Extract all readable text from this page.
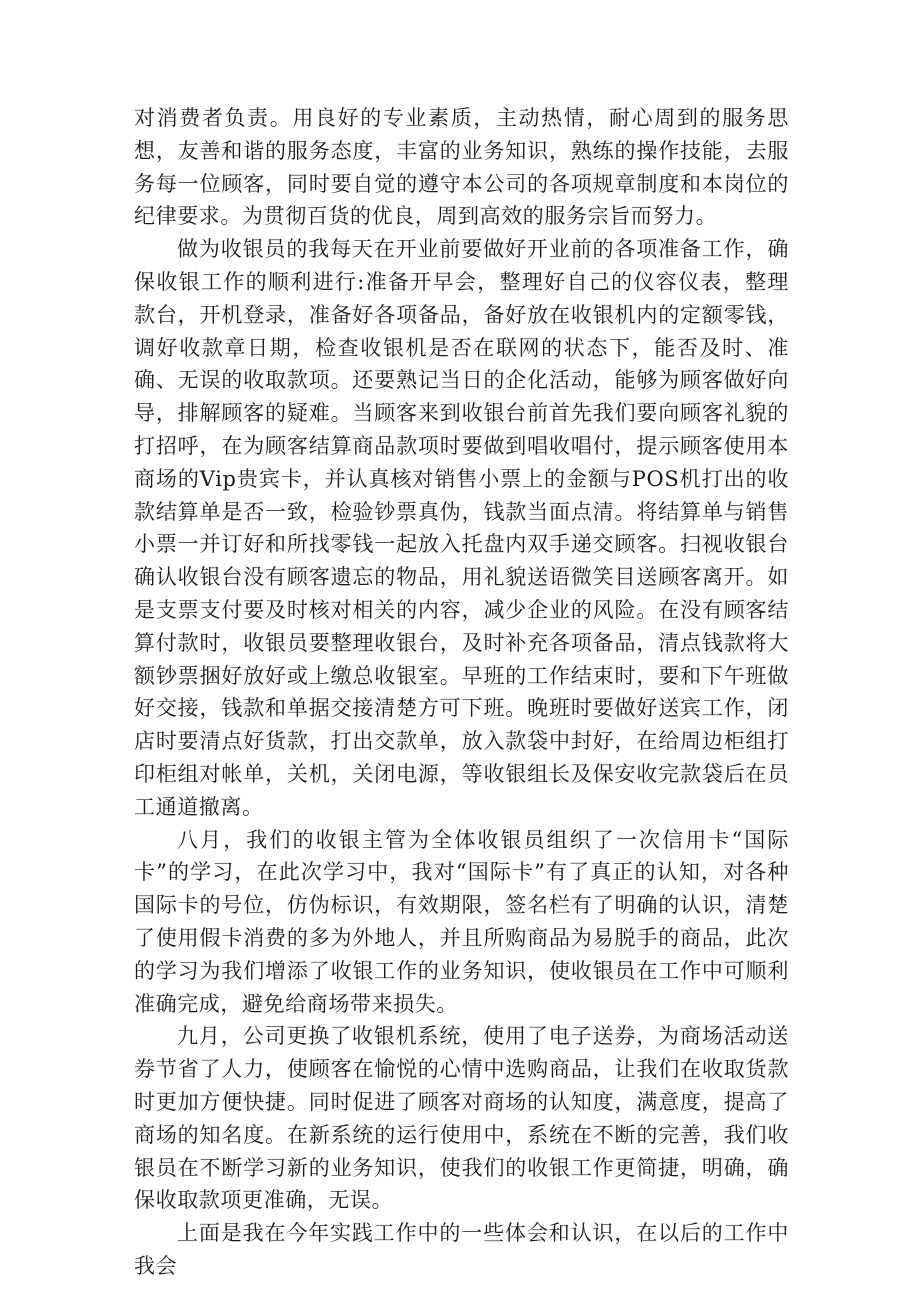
对消费者负责。用良好的专业素质，主动热情，耐心周到的服务思想，友善和谐的服务态度，丰富的业务知识，熟练的操作技能，去服务每一位顾客，同时要自觉的遵守本公司的各项规章制度和本岗位的纪律要求。为贯彻百货的优良，周到高效的服务宗旨而努力。

做为收银员的我每天在开业前要做好开业前的各项准备工作，确保收银工作的顺利进行:准备开早会，整理好自己的仪容仪表，整理款台，开机登录，准备好各项备品，备好放在收银机内的定额零钱，调好收款章日期，检查收银机是否在联网的状态下，能否及时、准确、无误的收取款项。还要熟记当日的企化活动，能够为顾客做好向导，排解顾客的疑难。当顾客来到收银台前首先我们要向顾客礼貌的打招呼，在为顾客结算商品款项时要做到唱收唱付，提示顾客使用本商场的Vip贵宾卡，并认真核对销售小票上的金额与POS机打出的收款结算单是否一致，检验钞票真伪，钱款当面点清。将结算单与销售小票一并订好和所找零钱一起放入托盘内双手递交顾客。扫视收银台确认收银台没有顾客遗忘的物品，用礼貌送语微笑目送顾客离开。如是支票支付要及时核对相关的内容，减少企业的风险。在没有顾客结算付款时，收银员要整理收银台，及时补充各项备品，清点钱款将大额钞票捆好放好或上缴总收银室。早班的工作结束时，要和下午班做好交接，钱款和单据交接清楚方可下班。晚班时要做好送宾工作，闭店时要清点好货款，打出交款单，放入款袋中封好，在给周边柜组打印柜组对帐单，关机，关闭电源，等收银组长及保安收完款袋后在员工通道撤离。

八月，我们的收银主管为全体收银员组织了一次信用卡“国际卡”的学习，在此次学习中，我对“国际卡”有了真正的认知，对各种国际卡的号位，仿伪标识，有效期限，签名栏有了明确的认识，清楚了使用假卡消费的多为外地人，并且所购商品为易脱手的商品，此次的学习为我们增添了收银工作的业务知识，使收银员在工作中可顺利准确完成，避免给商场带来损失。

九月，公司更换了收银机系统，使用了电子送券，为商场活动送券节省了人力，使顾客在愉悦的心情中选购商品，让我们在收取货款时更加方便快捷。同时促进了顾客对商场的认知度，满意度，提高了商场的知名度。在新系统的运行使用中，系统在不断的完善，我们收银员在不断学习新的业务知识，使我们的收银工作更简捷，明确，确保收取款项更准确，无误。

上面是我在今年实践工作中的一些体会和认识，在以后的工作中我会
